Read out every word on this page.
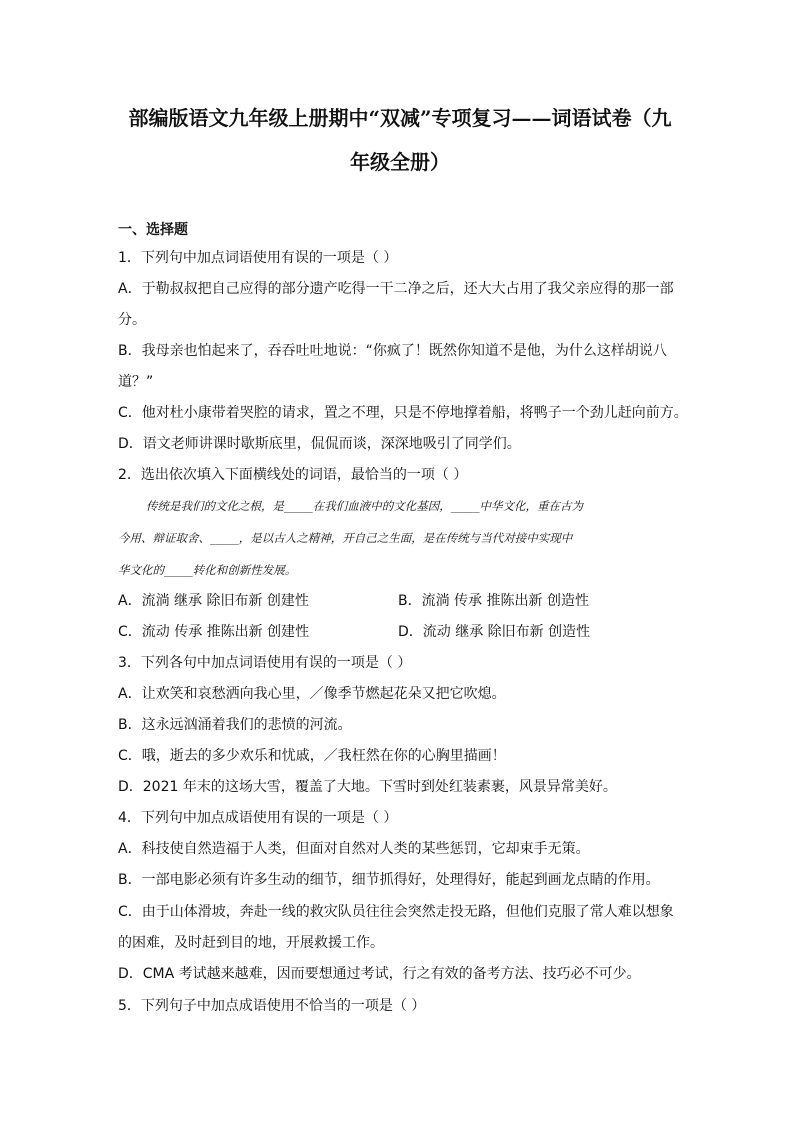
部编版语文九年级上册期中“双减”专项复习——词语试卷（九
年级全册）
一、选择题
1．下列句中加点词语使用有误的一项是（ ）
A．于勒叔叔把自己应得的部分遗产吃得一干二净之后，还大大占用了我父亲应得的那一部
分。
B．我母亲也怕起来了，吞吞吐吐地说：“你疯了！既然你知道不是他，为什么这样胡说八
道？”
C．他对杜小康带着哭腔的请求，置之不理，只是不停地撑着船，将鸭子一个劲儿赶向前方。
D．语文老师讲课时歇斯底里，侃侃而谈，深深地吸引了同学们。
2．选出依次填入下面横线处的词语，最恰当的一项（ ）
传统是我们的文化之根，是_____在我们血液中的文化基因，_____中华文化，重在古为
今用、辩证取舍、_____，是以古人之精神，开自己之生面，是在传统与当代对接中实现中
华文化的_____转化和创新性发展。
A．流淌 继承 除旧布新 创建性	B．流淌 传承 推陈出新 创造性
C．流动 传承 推陈出新 创建性	D．流动 继承 除旧布新 创造性
3．下列各句中加点词语使用有误的一项是（ ）
A．让欢笑和哀愁洒向我心里，／像季节燃起花朵又把它吹熄。
B．这永远汹涌着我们的悲愤的河流。
C．哦，逝去的多少欢乐和忧戚，／我枉然在你的心胸里描画！
D．2021 年末的这场大雪，覆盖了大地。下雪时到处红装素裹，风景异常美好。
4．下列句中加点成语使用有误的一项是（ ）
A．科技使自然造福于人类，但面对自然对人类的某些惩罚，它却束手无策。
B．一部电影必须有许多生动的细节，细节抓得好，处理得好，能起到画龙点睛的作用。
C．由于山体滑坡，奔赴一线的救灾队员往往会突然走投无路，但他们克服了常人难以想象
的困难，及时赶到目的地，开展救援工作。
D．CMA 考试越来越难，因而要想通过考试，行之有效的备考方法、技巧必不可少。
5．下列句子中加点成语使用不恰当的一项是（ ）
